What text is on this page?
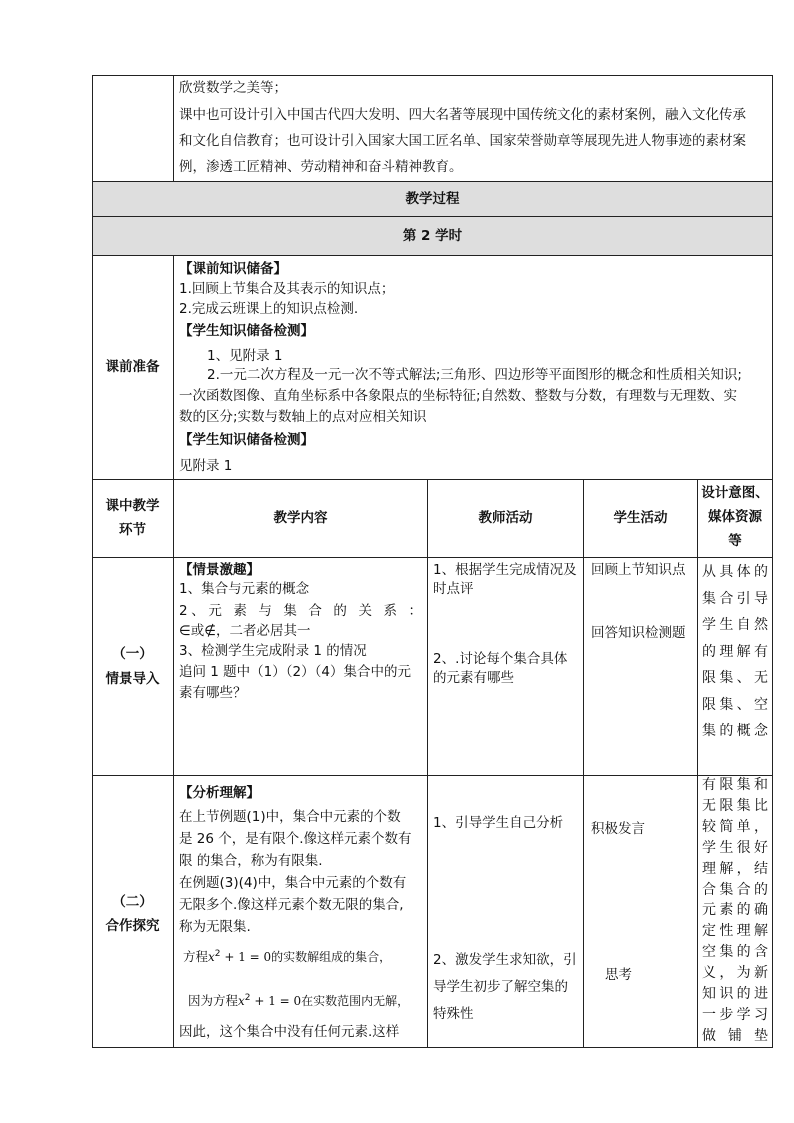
欣赏数学之美等；
课中也可设计引入中国古代四大发明、四大名著等展现中国传统文化的素材案例，融入文化传承
和文化自信教育；也可设计引入国家大国工匠名单、国家荣誉勋章等展现先进人物事迹的素材案
例，渗透工匠精神、劳动精神和奋斗精神教育。
教学过程
第 2 学时
课前准备
【课前知识储备】
1.回顾上节集合及其表示的知识点；
2.完成云班课上的知识点检测.
【学生知识储备检测】
1、见附录 1
2.一元二次方程及一元一次不等式解法;三角形、四边形等平面图形的概念和性质相关知识;
一次函数图像、直角坐标系中各象限点的坐标特征;自然数、整数与分数，有理数与无理数、实
数的区分;实数与数轴上的点对应相关知识
【学生知识储备检测】
见附录 1
课中教学
环节
教学内容	教师活动	学生活动
设计意图、
媒体资源
等
（一）
情景导入
【情景激趣】
1、集合与元素的概念
2、元 素 与 集 合 的 关 系 ：
∈或∉，二者必居其一
3、检测学生完成附录 1 的情况
追问 1 题中（1）（2）（4）集合中的元
素有哪些？
1、根据学生完成情况及
时点评
2、.讨论每个集合具体
的元素有哪些
回顾上节知识点
回答知识检测题
从具体的
集合引导
学生自然
的理解有
限集、无
限集、空
集的概念
（二）
合作探究
【分析理解】
在上节例题(1)中，集合中元素的个数
是 26 个，是有限个.像这样元素个数有
限 的集合，称为有限集.
在例题(3)(4)中，集合中元素的个数有
无限多个.像这样元素个数无限的集合,
称为无限集.
方程$x^2 + 1 = 0$的实数解组成的集合，
因为方程$x^2 + 1 = 0$在实数范围内无解，
因此，这个集合中没有任何元素.这样
1、引导学生自己分析
2、激发学生求知欲，引
导学生初步了解空集的
特殊性
积极发言
思考
有限集和
无限集比
较简单，
学生很好
理解，结
合集合的
元素的确
定性理解
空集的含
义，为新
知识的进
一步学习
做铺垫
